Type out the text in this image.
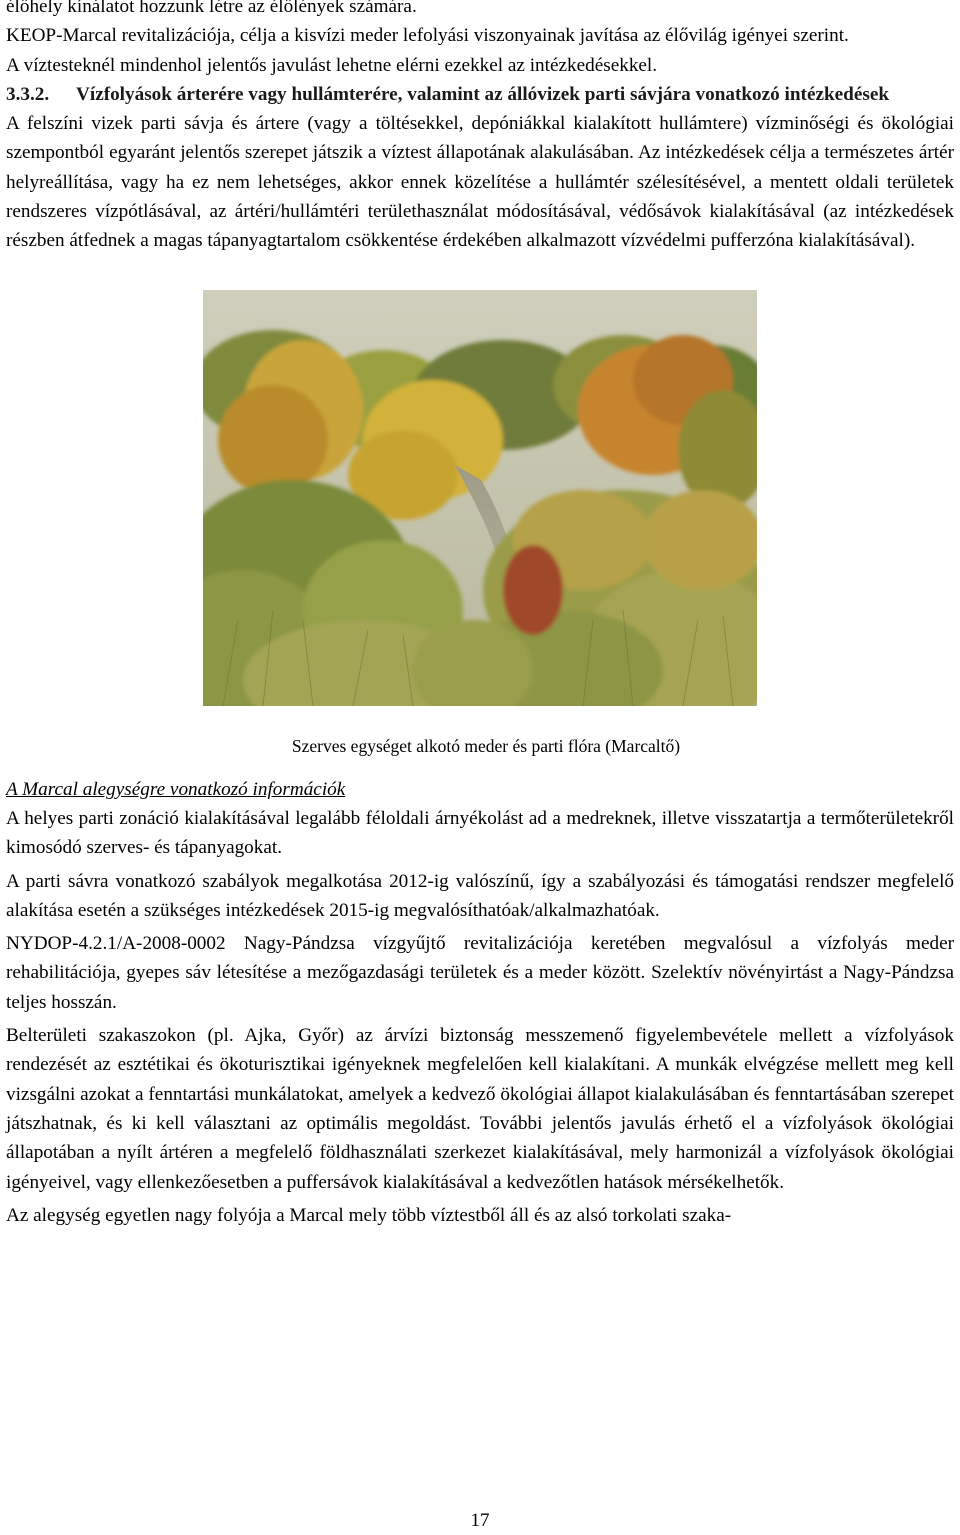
élőhely kínálatot hozzunk létre az élőlények számára.

KEOP-Marcal revitalizációja, célja a kisvízi meder lefolyási viszonyainak javítása az élővilág igényei szerint.

A víztesteknél mindenhol jelentős javulást lehetne elérni ezekkel az intézkedésekkel.

3.3.2. Vízfolyások árterére vagy hullámterére, valamint az állóvizek parti sávjára vonatkozó intézkedések

A felszíni vizek parti sávja és ártere (vagy a töltésekkel, depóniákkal kialakított hullámtere) vízminőségi és ökológiai szempontból egyaránt jelentős szerepet játszik a víztest állapotának alakulásában. Az intézkedések célja a természetes ártér helyreállítása, vagy ha ez nem lehetséges, akkor ennek közelítése a hullámtér szélesítésével, a mentett oldali területek rendszeres vízpótlásával, az ártéri/hullámtéri területhasználat módosításával, védősávok kialakításával (az intézkedések részben átfednek a magas tápanyagtartalom csökkentése érdekében alkalmazott vízvédelmi pufferzóna kialakításával).

Szerves egységet alkotó meder és parti flóra (Marcaltő)

A Marcal alegységre vonatkozó információk

A helyes parti zonáció kialakításával legalább féloldali árnyékolást ad a medreknek, illetve visszatartja a termőterületekről kimosódó szerves- és tápanyagokat.

A parti sávra vonatkozó szabályok megalkotása 2012-ig valószínű, így a szabályozási és támogatási rendszer megfelelő alakítása esetén a szükséges intézkedések 2015-ig megvalósíthatóak/alkalmazhatóak.

NYDOP-4.2.1/A-2008-0002 Nagy-Pándzsa vízgyűjtő revitalizációja keretében megvalósul a vízfolyás meder rehabilitációja, gyepes sáv létesítése a mezőgazdasági területek és a meder között. Szelektív növényirtást a Nagy-Pándzsa teljes hosszán.

Belterületi szakaszokon (pl. Ajka, Győr) az árvízi biztonság messzemenő figyelembevétele mellett a vízfolyások rendezését az esztétikai és ökoturisztikai igényeknek megfelelően kell kialakítani. A munkák elvégzése mellett meg kell vizsgálni azokat a fenntartási munkálatokat, amelyek a kedvező ökológiai állapot kialakulásában és fenntartásában szerepet játszhatnak, és ki kell választani az optimális megoldást. További jelentős javulás érhető el a vízfolyások ökológiai állapotában a nyílt ártéren a megfelelő földhasználati szerkezet kialakításával, mely harmonizál a vízfolyások ökológiai igényeivel, vagy ellenkezőesetben a puffersávok kialakításával a kedvezőtlen hatások mérsékelhetők.

Az alegység egyetlen nagy folyója a Marcal mely több víztestből áll és az alsó torkolati szaka-

17
